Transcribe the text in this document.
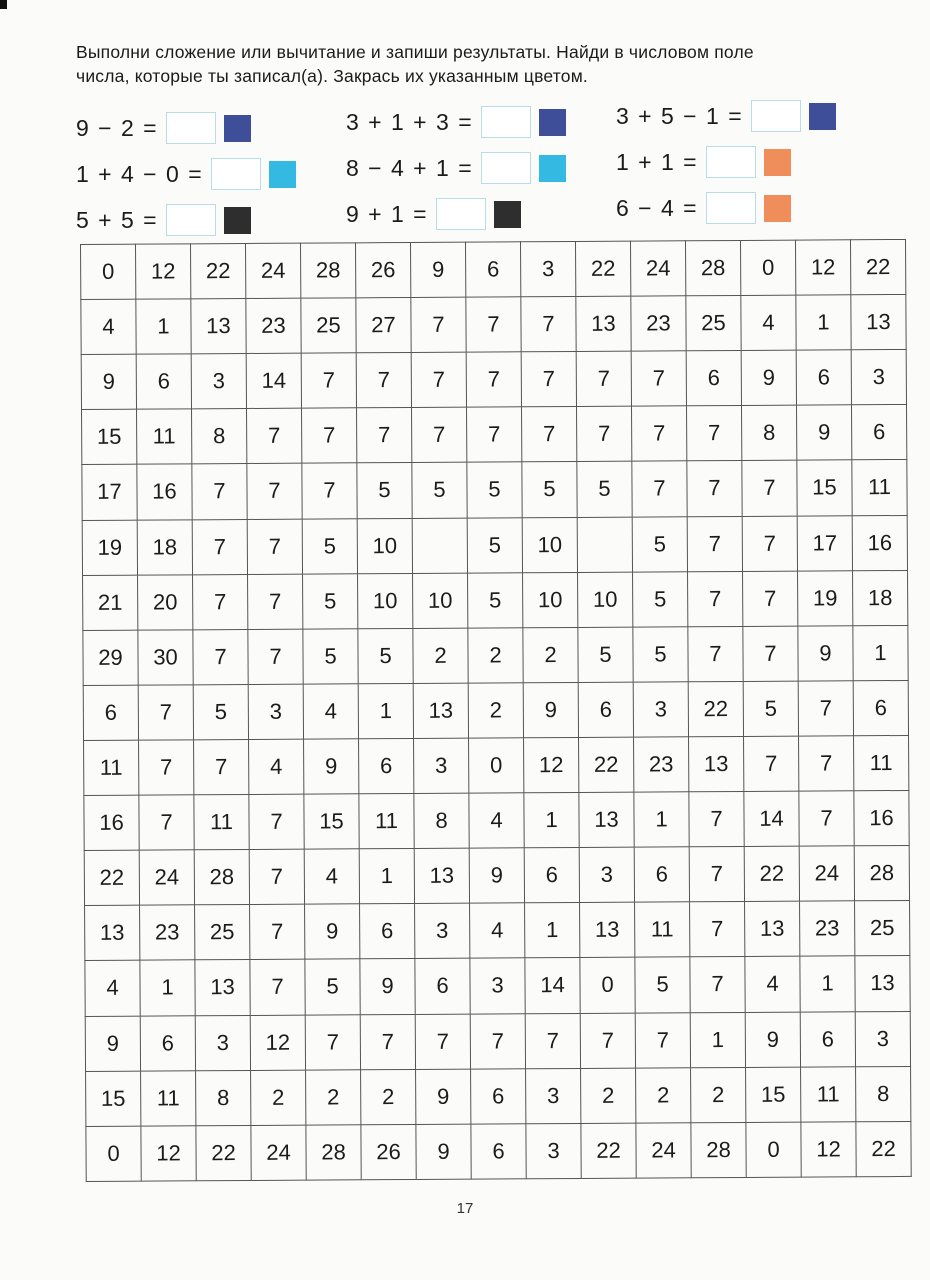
Выполни сложение или вычитание и запиши результаты. Найди в числовом поле
числа, которые ты записал(а). Закрась их указанным цветом.
9 − 2 =	3 + 1 + 3 =	3 + 5 − 1 =
1 + 4 − 0 =	8 − 4 + 1 =	1 + 1 =
5 + 5 =	9 + 1 =	6 − 4 =
0	12	22	24	28	26	9	6	3	22	24	28	0	12	22
4	1	13	23	25	27	7	7	7	13	23	25	4	1	13
9	6	3	14	7	7	7	7	7	7	7	6	9	6	3
15	11	8	7	7	7	7	7	7	7	7	7	8	9	6
17	16	7	7	7	5	5	5	5	5	7	7	7	15	11
19	18	7	7	5	10		5	10		5	7	7	17	16
21	20	7	7	5	10	10	5	10	10	5	7	7	19	18
29	30	7	7	5	5	2	2	2	5	5	7	7	9	1
6	7	5	3	4	1	13	2	9	6	3	22	5	7	6
11	7	7	4	9	6	3	0	12	22	23	13	7	7	11
16	7	11	7	15	11	8	4	1	13	1	7	14	7	16
22	24	28	7	4	1	13	9	6	3	6	7	22	24	28
13	23	25	7	9	6	3	4	1	13	11	7	13	23	25
4	1	13	7	5	9	6	3	14	0	5	7	4	1	13
9	6	3	12	7	7	7	7	7	7	7	1	9	6	3
15	11	8	2	2	2	9	6	3	2	2	2	15	11	8
0	12	22	24	28	26	9	6	3	22	24	28	0	12	22
17
